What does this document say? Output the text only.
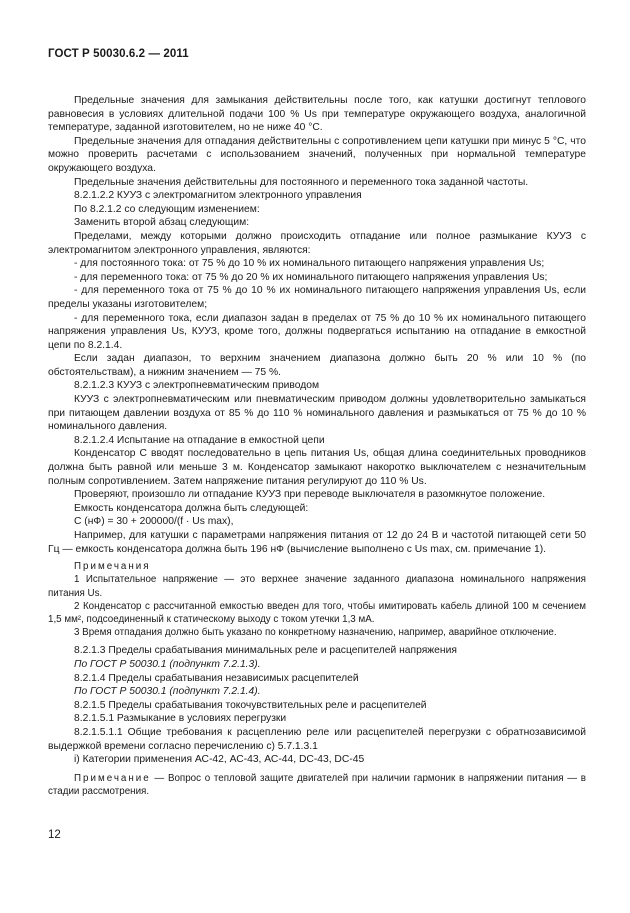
ГОСТ Р 50030.6.2 — 2011

Предельные значения для замыкания действительны после того, как катушки достигнут теплового равновесия в условиях длительной подачи 100 % Us при температуре окружающего воздуха, аналогичной температуре, заданной изготовителем, но не ниже 40 °С.

Предельные значения для отпадания действительны с сопротивлением цепи катушки при минус 5 °С, что можно проверить расчетами с использованием значений, полученных при нормальной температуре окружающего воздуха.

Предельные значения действительны для постоянного и переменного тока заданной частоты.

8.2.1.2.2 КУУЗ с электромагнитом электронного управления

По 8.2.1.2 со следующим изменением:

Заменить второй абзац следующим:

Пределами, между которыми должно происходить отпадание или полное размыкание КУУЗ с электромагнитом электронного управления, являются:

- для постоянного тока: от 75 % до 10 % их номинального питающего напряжения управления Us;

- для переменного тока: от 75 % до 20 % их номинального питающего напряжения управления Us;

- для переменного тока от 75 % до 10 % их номинального питающего напряжения управления Us, если пределы указаны изготовителем;

- для переменного тока, если диапазон задан в пределах от 75 % до 10 % их номинального питающего напряжения управления Us, КУУЗ, кроме того, должны подвергаться испытанию на отпадание в емкостной цепи по 8.2.1.4.

Если задан диапазон, то верхним значением диапазона должно быть 20 % или 10 % (по обстоятельствам), а нижним значением — 75 %.

8.2.1.2.3 КУУЗ с электропневматическим приводом

КУУЗ с электропневматическим или пневматическим приводом должны удовлетворительно замыкаться при питающем давлении воздуха от 85 % до 110 % номинального давления и размыкаться от 75 % до 10 % номинального давления.

8.2.1.2.4 Испытание на отпадание в емкостной цепи

Конденсатор C вводят последовательно в цепь питания Us, общая длина соединительных проводников должна быть равной или меньше 3 м. Конденсатор замыкают накоротко выключателем с незначительным полным сопротивлением. Затем напряжение питания регулируют до 110 % Us.

Проверяют, произошло ли отпадание КУУЗ при переводе выключателя в разомкнутое положение.

Емкость конденсатора должна быть следующей:

C (нФ) = 30 + 200000/(f · Us max),

Например, для катушки с параметрами напряжения питания от 12 до 24 В и частотой питающей сети 50 Гц — емкость конденсатора должна быть 196 нФ (вычисление выполнено с Us max, см. примечание 1).

Примечания

1 Испытательное напряжение — это верхнее значение заданного диапазона номинального напряжения питания Us.

2 Конденсатор с рассчитанной емкостью введен для того, чтобы имитировать кабель длиной 100 м сечением 1,5 мм², подсоединенный к статическому выходу с током утечки 1,3 мА.

3 Время отпадания должно быть указано по конкретному назначению, например, аварийное отключение.

8.2.1.3 Пределы срабатывания минимальных реле и расцепителей напряжения

По ГОСТ Р 50030.1 (подпункт 7.2.1.3).

8.2.1.4 Пределы срабатывания независимых расцепителей

По ГОСТ Р 50030.1 (подпункт 7.2.1.4).

8.2.1.5 Пределы срабатывания токочувствительных реле и расцепителей

8.2.1.5.1 Размыкание в условиях перегрузки

8.2.1.5.1.1 Общие требования к расцеплению реле или расцепителей перегрузки с обратнозависимой выдержкой времени согласно перечислению c) 5.7.1.3.1

i) Категории применения АС-42, АС-43, АС-44, DC-43, DC-45

Примечание — Вопрос о тепловой защите двигателей при наличии гармоник в напряжении питания — в стадии рассмотрения.

12
